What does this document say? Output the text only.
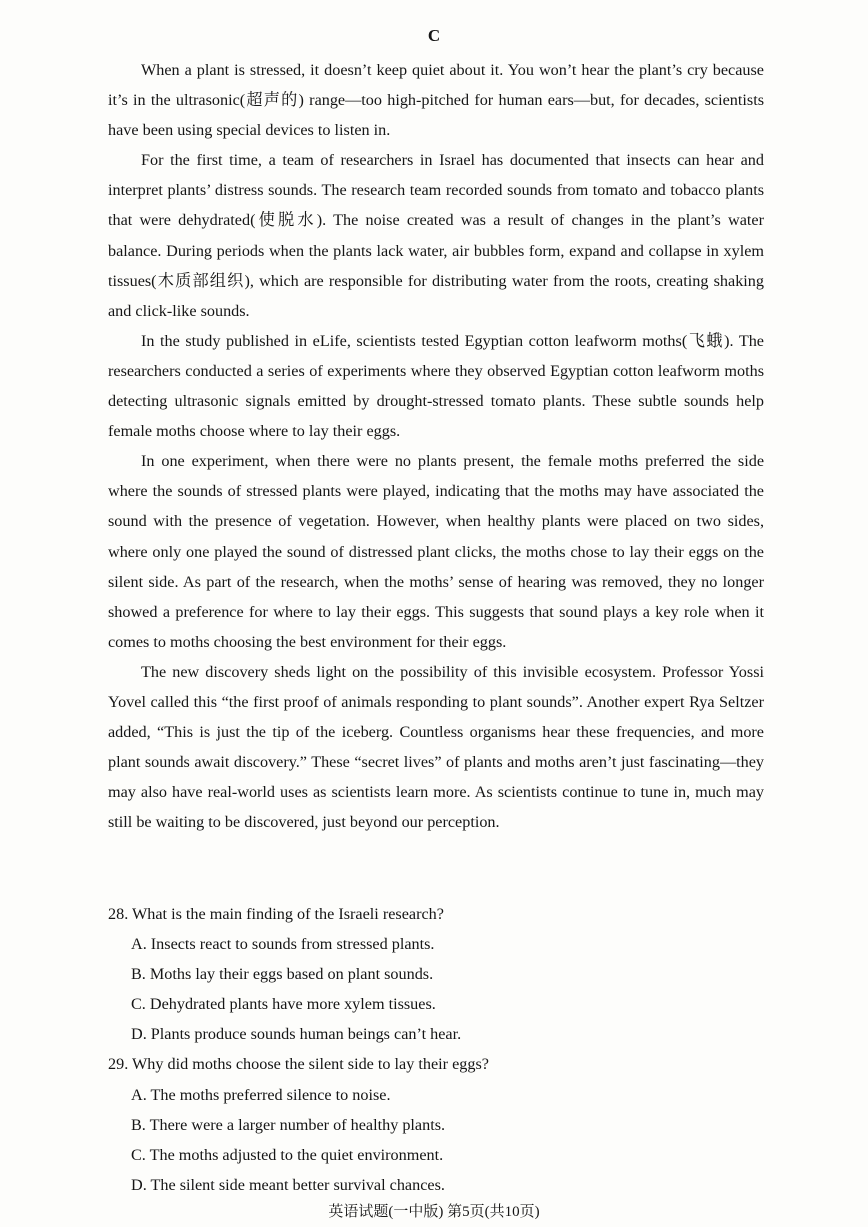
C

When a plant is stressed, it doesn’t keep quiet about it. You won’t hear the plant’s cry because it’s in the ultrasonic(超声的) range—too high-pitched for human ears—but, for decades, scientists have been using special devices to listen in.

For the first time, a team of researchers in Israel has documented that insects can hear and interpret plants’ distress sounds. The research team recorded sounds from tomato and tobacco plants that were dehydrated(使脱水). The noise created was a result of changes in the plant’s water balance. During periods when the plants lack water, air bubbles form, expand and collapse in xylem tissues(木质部组织), which are responsible for distributing water from the roots, creating shaking and click-like sounds.

In the study published in eLife, scientists tested Egyptian cotton leafworm moths(飞蛾). The researchers conducted a series of experiments where they observed Egyptian cotton leafworm moths detecting ultrasonic signals emitted by drought-stressed tomato plants. These subtle sounds help female moths choose where to lay their eggs.

In one experiment, when there were no plants present, the female moths preferred the side where the sounds of stressed plants were played, indicating that the moths may have associated the sound with the presence of vegetation. However, when healthy plants were placed on two sides, where only one played the sound of distressed plant clicks, the moths chose to lay their eggs on the silent side. As part of the research, when the moths’ sense of hearing was removed, they no longer showed a preference for where to lay their eggs. This suggests that sound plays a key role when it comes to moths choosing the best environment for their eggs.

The new discovery sheds light on the possibility of this invisible ecosystem. Professor Yossi Yovel called this “the first proof of animals responding to plant sounds”. Another expert Rya Seltzer added, “This is just the tip of the iceberg. Countless organisms hear these frequencies, and more plant sounds await discovery.” These “secret lives” of plants and moths aren’t just fascinating—they may also have real-world uses as scientists learn more. As scientists continue to tune in, much may still be waiting to be discovered, just beyond our perception.

28. What is the main finding of the Israeli research?

A. Insects react to sounds from stressed plants.

B. Moths lay their eggs based on plant sounds.

C. Dehydrated plants have more xylem tissues.

D. Plants produce sounds human beings can’t hear.

29. Why did moths choose the silent side to lay their eggs?

A. The moths preferred silence to noise.

B. There were a larger number of healthy plants.

C. The moths adjusted to the quiet environment.

D. The silent side meant better survival chances.

英语试题(一中版) 第5页(共10页)
